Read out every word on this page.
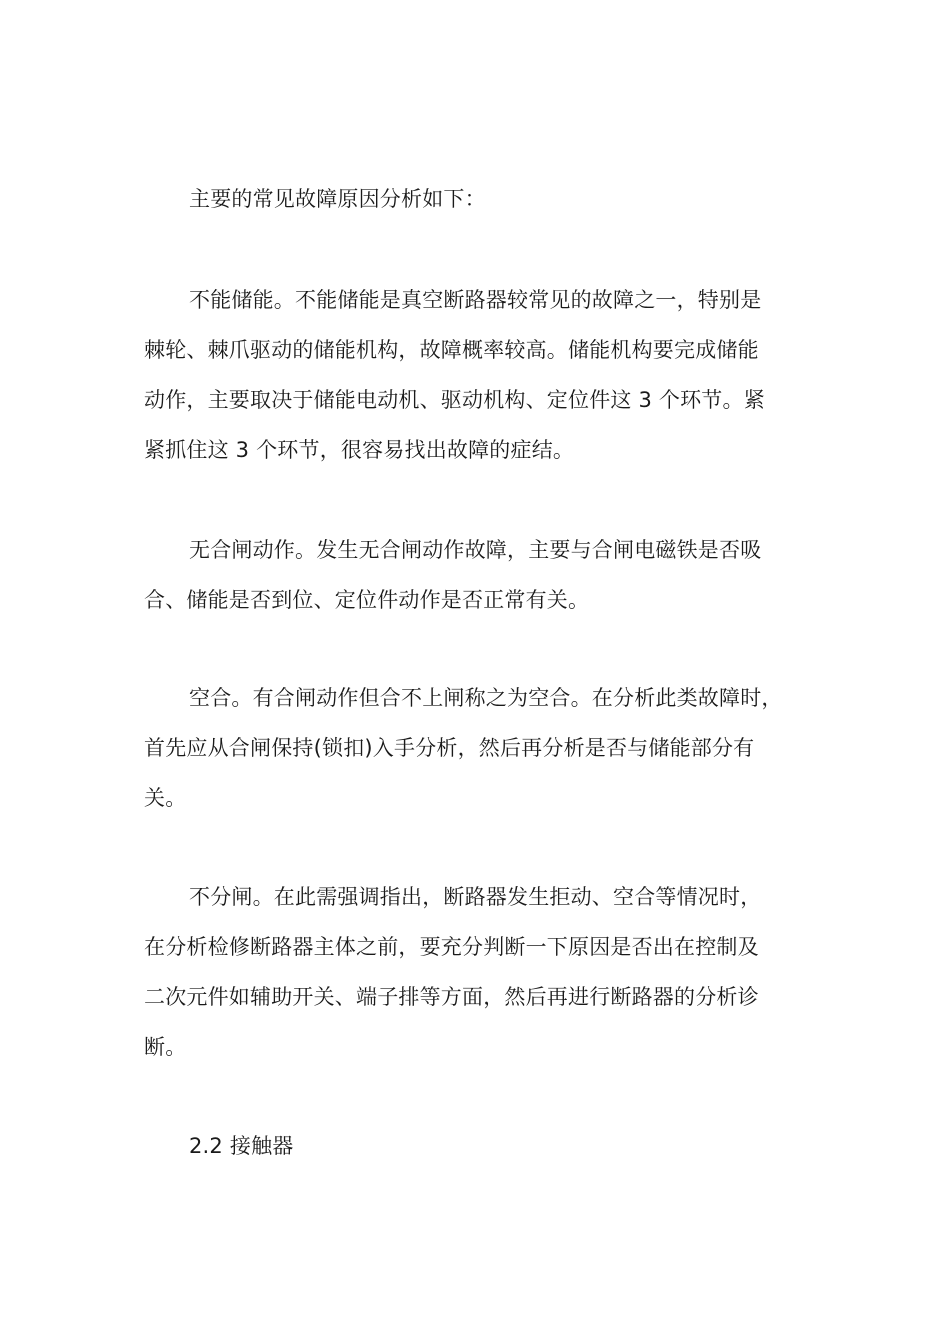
主要的常见故障原因分析如下：

不能储能。不能储能是真空断路器较常见的故障之一，特别是
棘轮、棘爪驱动的储能机构，故障概率较高。储能机构要完成储能
动作，主要取决于储能电动机、驱动机构、定位件这 3 个环节。紧
紧抓住这 3 个环节，很容易找出故障的症结。

无合闸动作。发生无合闸动作故障，主要与合闸电磁铁是否吸
合、储能是否到位、定位件动作是否正常有关。

空合。有合闸动作但合不上闸称之为空合。在分析此类故障时，
首先应从合闸保持(锁扣)入手分析，然后再分析是否与储能部分有
关。

不分闸。在此需强调指出，断路器发生拒动、空合等情况时，
在分析检修断路器主体之前，要充分判断一下原因是否出在控制及
二次元件如辅助开关、端子排等方面，然后再进行断路器的分析诊
断。

2.2 接触器
